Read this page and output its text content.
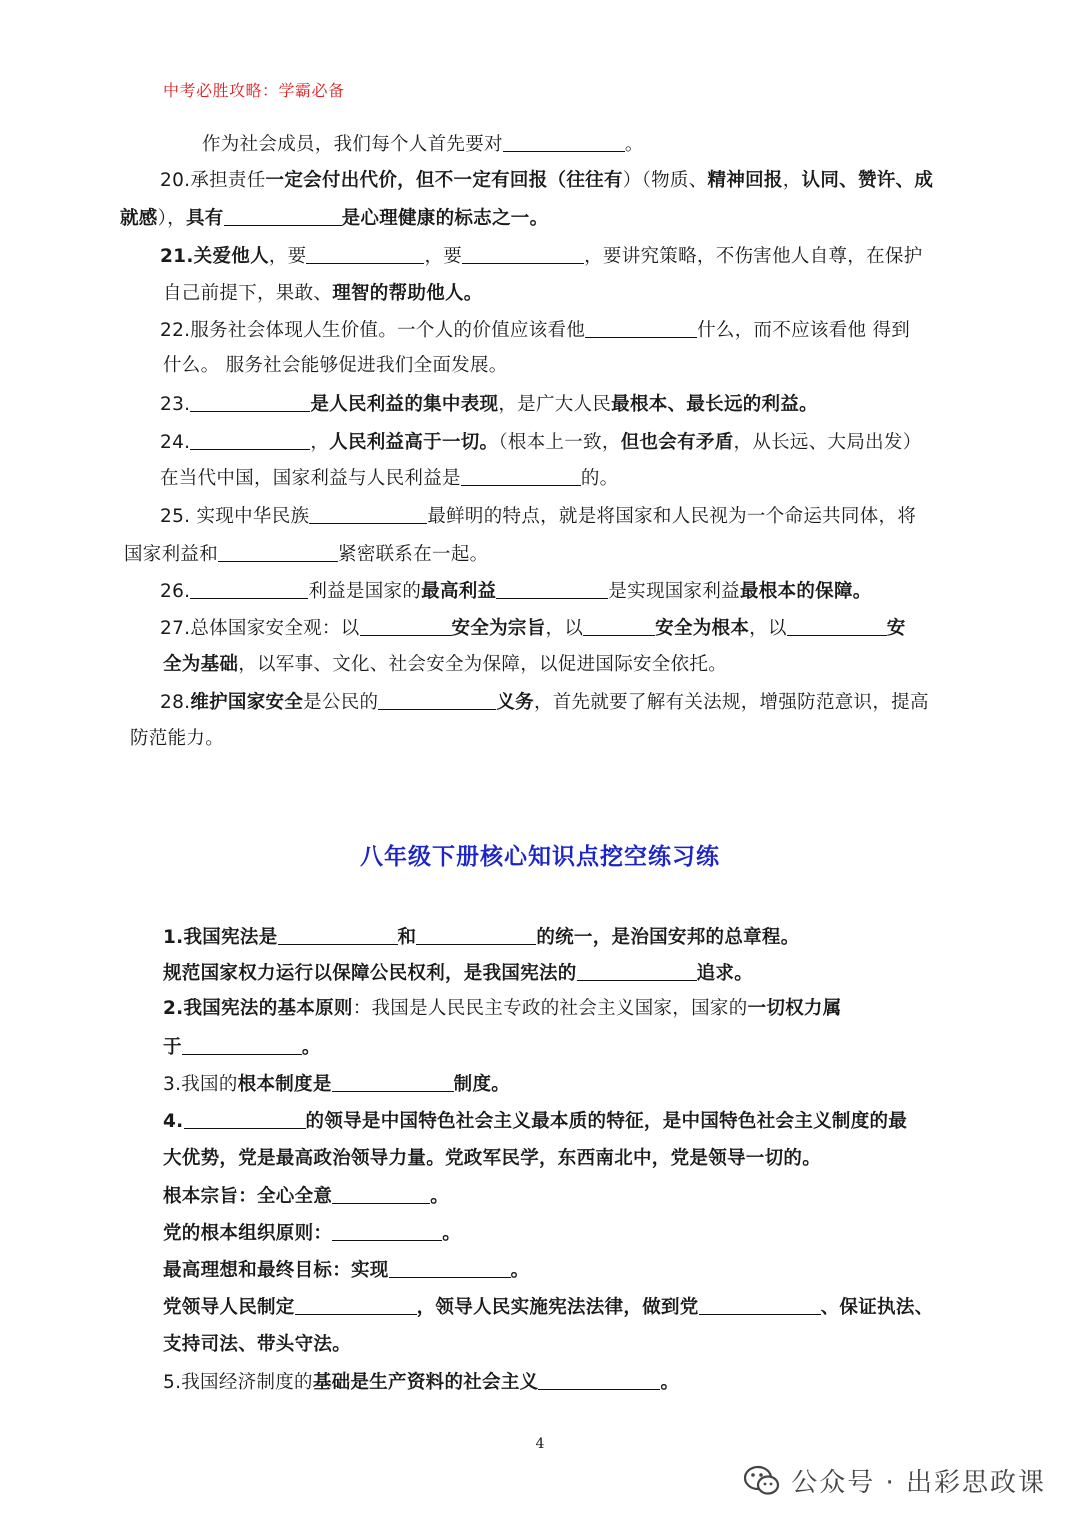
中考必胜攻略：学霸必备
作为社会成员，我们每个人首先要对	。
20.承担责任一定会付出代价，但不一定有回报（往往有）（物质、精神回报，认同、赞许、成
就感），具有	是心理健康的标志之一。
21.关爱他人，要	，要	，要讲究策略，不伤害他人自尊，在保护
自己前提下，果敢、理智的帮助他人。
22.服务社会体现人生价值。一个人的价值应该看他	什么，而不应该看他 得到
什么。 服务社会能够促进我们全面发展。
23.	是人民利益的集中表现，是广大人民最根本、最长远的利益。
24.	，人民利益高于一切。（根本上一致，但也会有矛盾，从长远、大局出发）
在当代中国，国家利益与人民利益是	的。
25. 实现中华民族	最鲜明的特点，就是将国家和人民视为一个命运共同体，将
国家利益和	紧密联系在一起。
26.	利益是国家的最高利益	是实现国家利益最根本的保障。
27.总体国家安全观：以	安全为宗旨，以	安全为根本，以	安
全为基础，以军事、文化、社会安全为保障，以促进国际安全依托。
28.维护国家安全是公民的	义务，首先就要了解有关法规，增强防范意识，提高
防范能力。
八年级下册核心知识点挖空练习练
1.我国宪法是	和	的统一，是治国安邦的总章程。
规范国家权力运行以保障公民权利，是我国宪法的	追求。
2.我国宪法的基本原则：我国是人民民主专政的社会主义国家，国家的一切权力属
于	。
3.我国的根本制度是	制度。
4.	的领导是中国特色社会主义最本质的特征，是中国特色社会主义制度的最
大优势，党是最高政治领导力量。党政军民学，东西南北中，党是领导一切的。
根本宗旨：全心全意	。
党的根本组织原则：	。
最高理想和最终目标：实现	。
党领导人民制定	，领导人民实施宪法法律，做到党	、保证执法、
支持司法、带头守法。
5.我国经济制度的基础是生产资料的社会主义	。
4
公众号 · 出彩思政课
